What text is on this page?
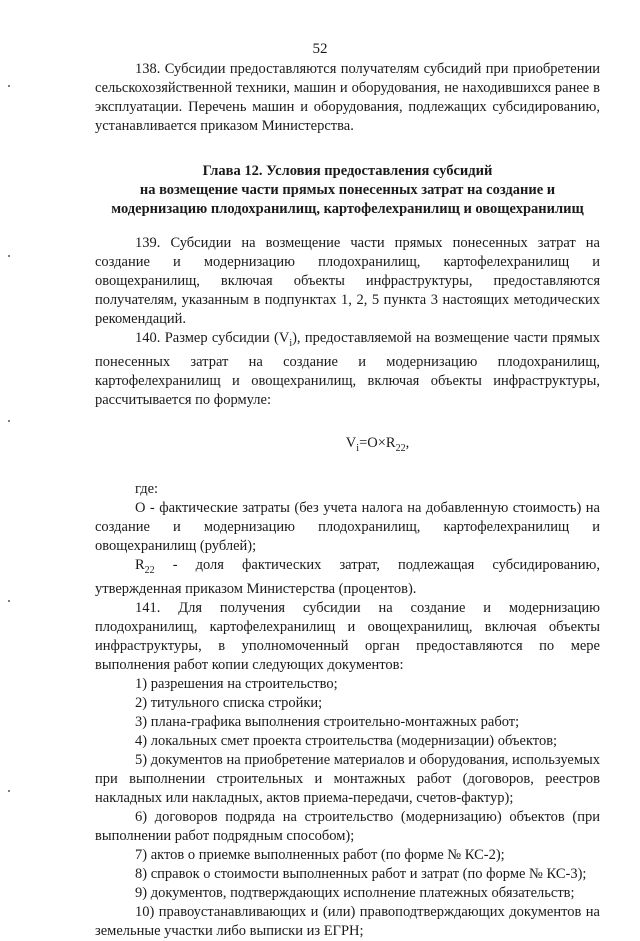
52

138. Субсидии предоставляются получателям субсидий при приобретении сельскохозяйственной техники, машин и оборудования, не находившихся ранее в эксплуатации. Перечень машин и оборудования, подлежащих субсидированию, устанавливается приказом Министерства.

Глава 12. Условия предоставления субсидий
на возмещение части прямых понесенных затрат на создание и
модернизацию плодохранилищ, картофелехранилищ и овощехранилищ

139. Субсидии на возмещение части прямых понесенных затрат на создание и модернизацию плодохранилищ, картофелехранилищ и овощехранилищ, включая объекты инфраструктуры, предоставляются получателям, указанным в подпунктах 1, 2, 5 пункта 3 настоящих методических рекомендаций.

140. Размер субсидии $(V_i)$, предоставляемой на возмещение части прямых понесенных затрат на создание и модернизацию плодохранилищ, картофелехранилищ и овощехранилищ, включая объекты инфраструктуры, рассчитывается по формуле:

$V_i=O\times R_{22}$,

где:

О - фактические затраты (без учета налога на добавленную стоимость) на создание и модернизацию плодохранилищ, картофелехранилищ и овощехранилищ (рублей);

$R_{22}$ - доля фактических затрат, подлежащая субсидированию, утвержденная приказом Министерства (процентов).

141. Для получения субсидии на создание и модернизацию плодохранилищ, картофелехранилищ и овощехранилищ, включая объекты инфраструктуры, в уполномоченный орган предоставляются по мере выполнения работ копии следующих документов:

1) разрешения на строительство;

2) титульного списка стройки;

3) плана-графика выполнения строительно-монтажных работ;

4) локальных смет проекта строительства (модернизации) объектов;

5) документов на приобретение материалов и оборудования, используемых при выполнении строительных и монтажных работ (договоров, реестров накладных или накладных, актов приема-передачи, счетов-фактур);

6) договоров подряда на строительство (модернизацию) объектов (при выполнении работ подрядным способом);

7) актов о приемке выполненных работ (по форме № КС-2);

8) справок о стоимости выполненных работ и затрат (по форме № КС-3);

9) документов, подтверждающих исполнение платежных обязательств;

10) правоустанавливающих и (или) правоподтверждающих документов на земельные участки либо выписки из ЕГРН;
